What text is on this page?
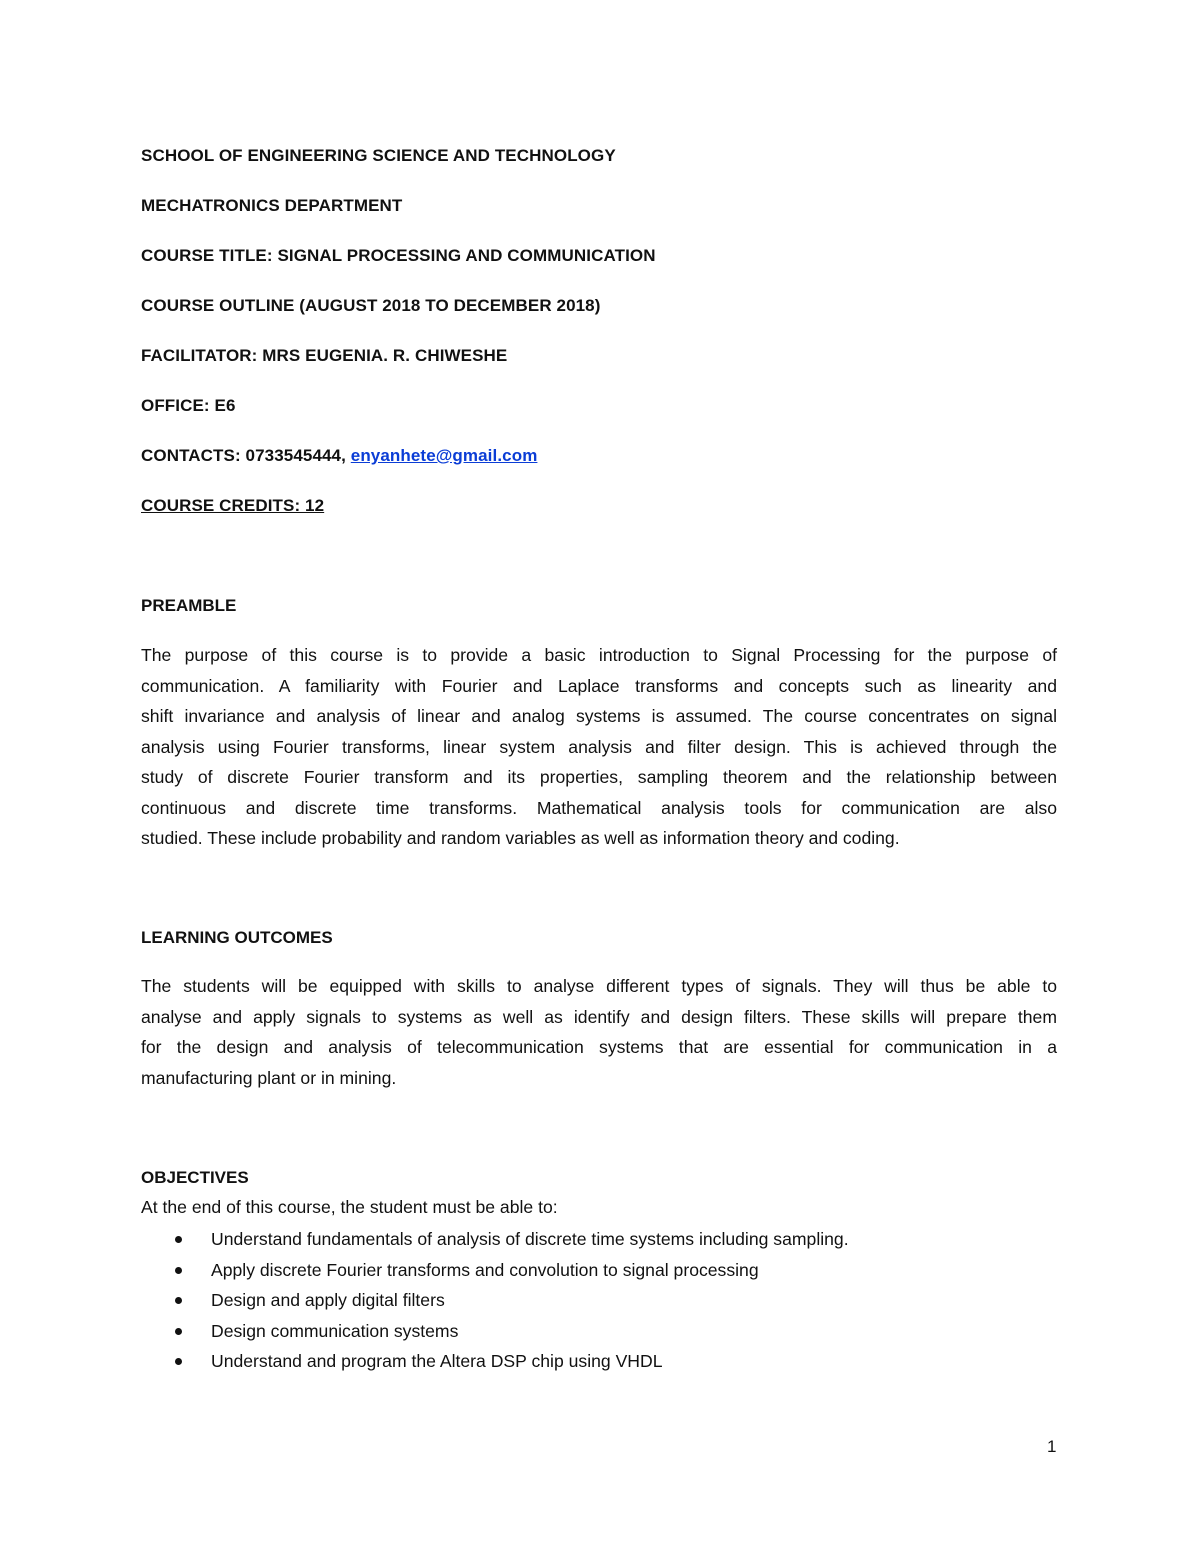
SCHOOL OF ENGINEERING SCIENCE AND TECHNOLOGY
MECHATRONICS DEPARTMENT
COURSE TITLE: SIGNAL PROCESSING AND COMMUNICATION
COURSE OUTLINE (AUGUST 2018 TO DECEMBER 2018)
FACILITATOR: MRS EUGENIA. R. CHIWESHE
OFFICE: E6
CONTACTS: 0733545444, enyanhete@gmail.com
COURSE CREDITS: 12
PREAMBLE
The purpose of this course is to provide a basic introduction to Signal Processing for the purpose of
communication. A familiarity with Fourier and Laplace transforms and concepts such as linearity and
shift invariance and analysis of linear and analog systems is assumed. The course concentrates on signal
analysis using Fourier transforms, linear system analysis and filter design. This is achieved through the
study of discrete Fourier transform and its properties, sampling theorem and the relationship between
continuous and discrete time transforms. Mathematical analysis tools for communication are also
studied. These include probability and random variables as well as information theory and coding.
LEARNING OUTCOMES
The students will be equipped with skills to analyse different types of signals. They will thus be able to
analyse and apply signals to systems as well as identify and design filters. These skills will prepare them
for the design and analysis of telecommunication systems that are essential for communication in a
manufacturing plant or in mining.
OBJECTIVES
At the end of this course, the student must be able to:
Understand fundamentals of analysis of discrete time systems including sampling.
Apply discrete Fourier transforms and convolution to signal processing
Design and apply digital filters
Design communication systems
Understand and program the Altera DSP chip using VHDL
1
